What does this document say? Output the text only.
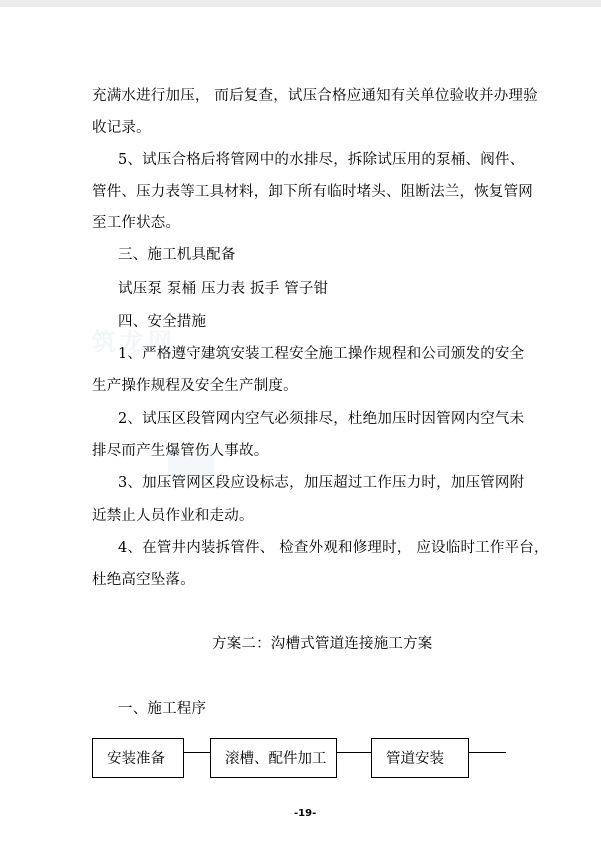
筑龙网
充满水进行加压， 而后复查，试压合格应通知有关单位验收并办理验
收记录。
5、试压合格后将管网中的水排尽，拆除试压用的泵桶、阀件、
管件、压力表等工具材料，卸下所有临时堵头、阻断法兰，恢复管网
至工作状态。
三、施工机具配备
试压泵 泵桶 压力表 扳手 管子钳
四、安全措施
1、严格遵守建筑安装工程安全施工操作规程和公司颁发的安全
生产操作规程及安全生产制度。
2、试压区段管网内空气必须排尽，杜绝加压时因管网内空气未
排尽而产生爆管伤人事故。
3、加压管网区段应设标志，加压超过工作压力时，加压管网附
近禁止人员作业和走动。
4、在管井内装拆管件、 检查外观和修理时， 应设临时工作平台，
杜绝高空坠落。
方案二：沟槽式管道连接施工方案
一、施工程序
安装准备	滚槽、配件加工	管道安装
-19-
